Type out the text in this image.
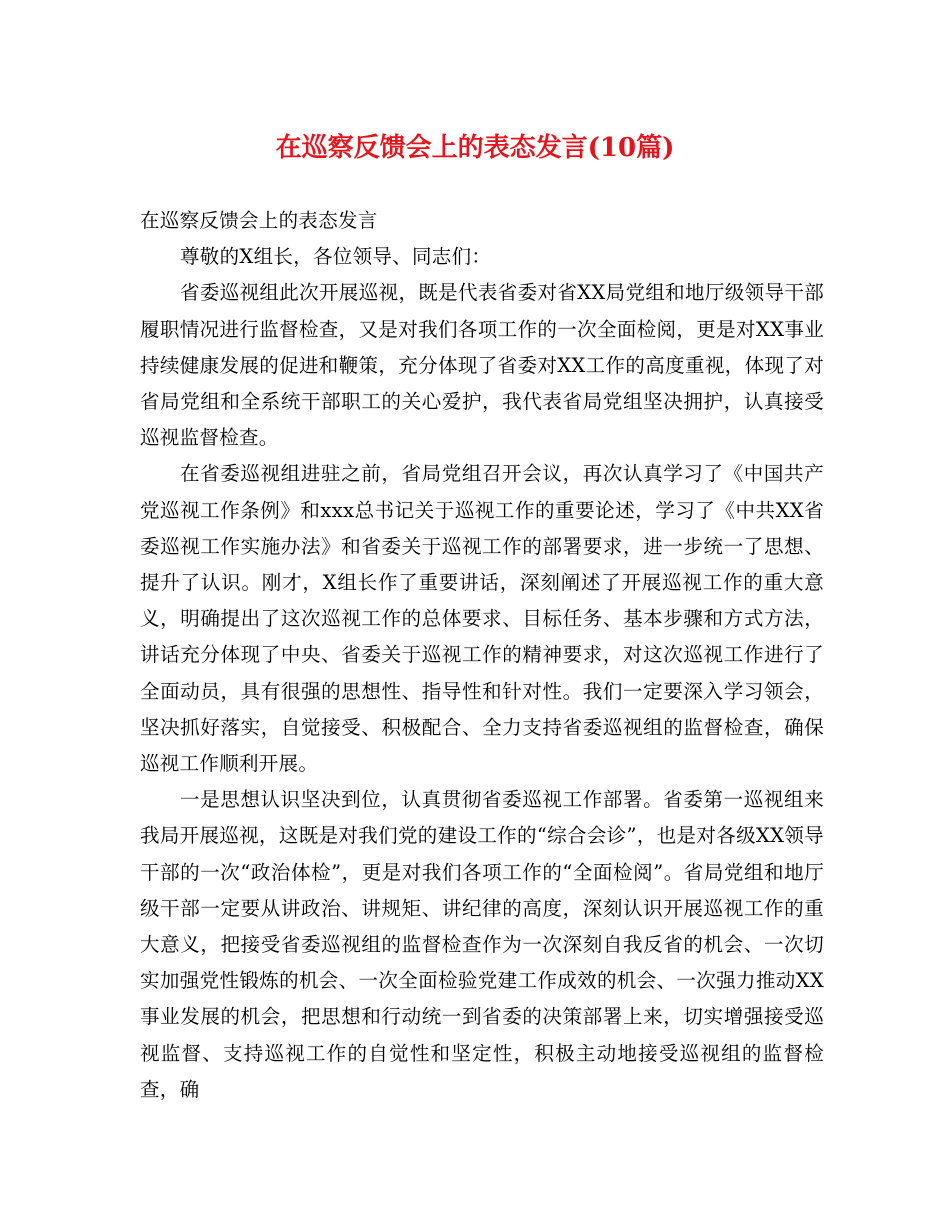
在巡察反馈会上的表态发言(10篇)

在巡察反馈会上的表态发言

尊敬的X组长，各位领导、同志们：

省委巡视组此次开展巡视，既是代表省委对省XX局党组和地厅级领导干部履职情况进行监督检查，又是对我们各项工作的一次全面检阅，更是对XX事业持续健康发展的促进和鞭策，充分体现了省委对XX工作的高度重视，体现了对省局党组和全系统干部职工的关心爱护，我代表省局党组坚决拥护，认真接受巡视监督检查。

在省委巡视组进驻之前，省局党组召开会议，再次认真学习了《中国共产党巡视工作条例》和xxx总书记关于巡视工作的重要论述，学习了《中共XX省委巡视工作实施办法》和省委关于巡视工作的部署要求，进一步统一了思想、提升了认识。刚才，X组长作了重要讲话，深刻阐述了开展巡视工作的重大意义，明确提出了这次巡视工作的总体要求、目标任务、基本步骤和方式方法，讲话充分体现了中央、省委关于巡视工作的精神要求，对这次巡视工作进行了全面动员，具有很强的思想性、指导性和针对性。我们一定要深入学习领会，坚决抓好落实，自觉接受、积极配合、全力支持省委巡视组的监督检查，确保巡视工作顺利开展。

一是思想认识坚决到位，认真贯彻省委巡视工作部署。省委第一巡视组来我局开展巡视，这既是对我们党的建设工作的“综合会诊”，也是对各级XX领导干部的一次“政治体检”，更是对我们各项工作的“全面检阅”。省局党组和地厅级干部一定要从讲政治、讲规矩、讲纪律的高度，深刻认识开展巡视工作的重大意义，把接受省委巡视组的监督检查作为一次深刻自我反省的机会、一次切实加强党性锻炼的机会、一次全面检验党建工作成效的机会、一次强力推动XX事业发展的机会，把思想和行动统一到省委的决策部署上来，切实增强接受巡视监督、支持巡视工作的自觉性和坚定性，积极主动地接受巡视组的监督检查，确
